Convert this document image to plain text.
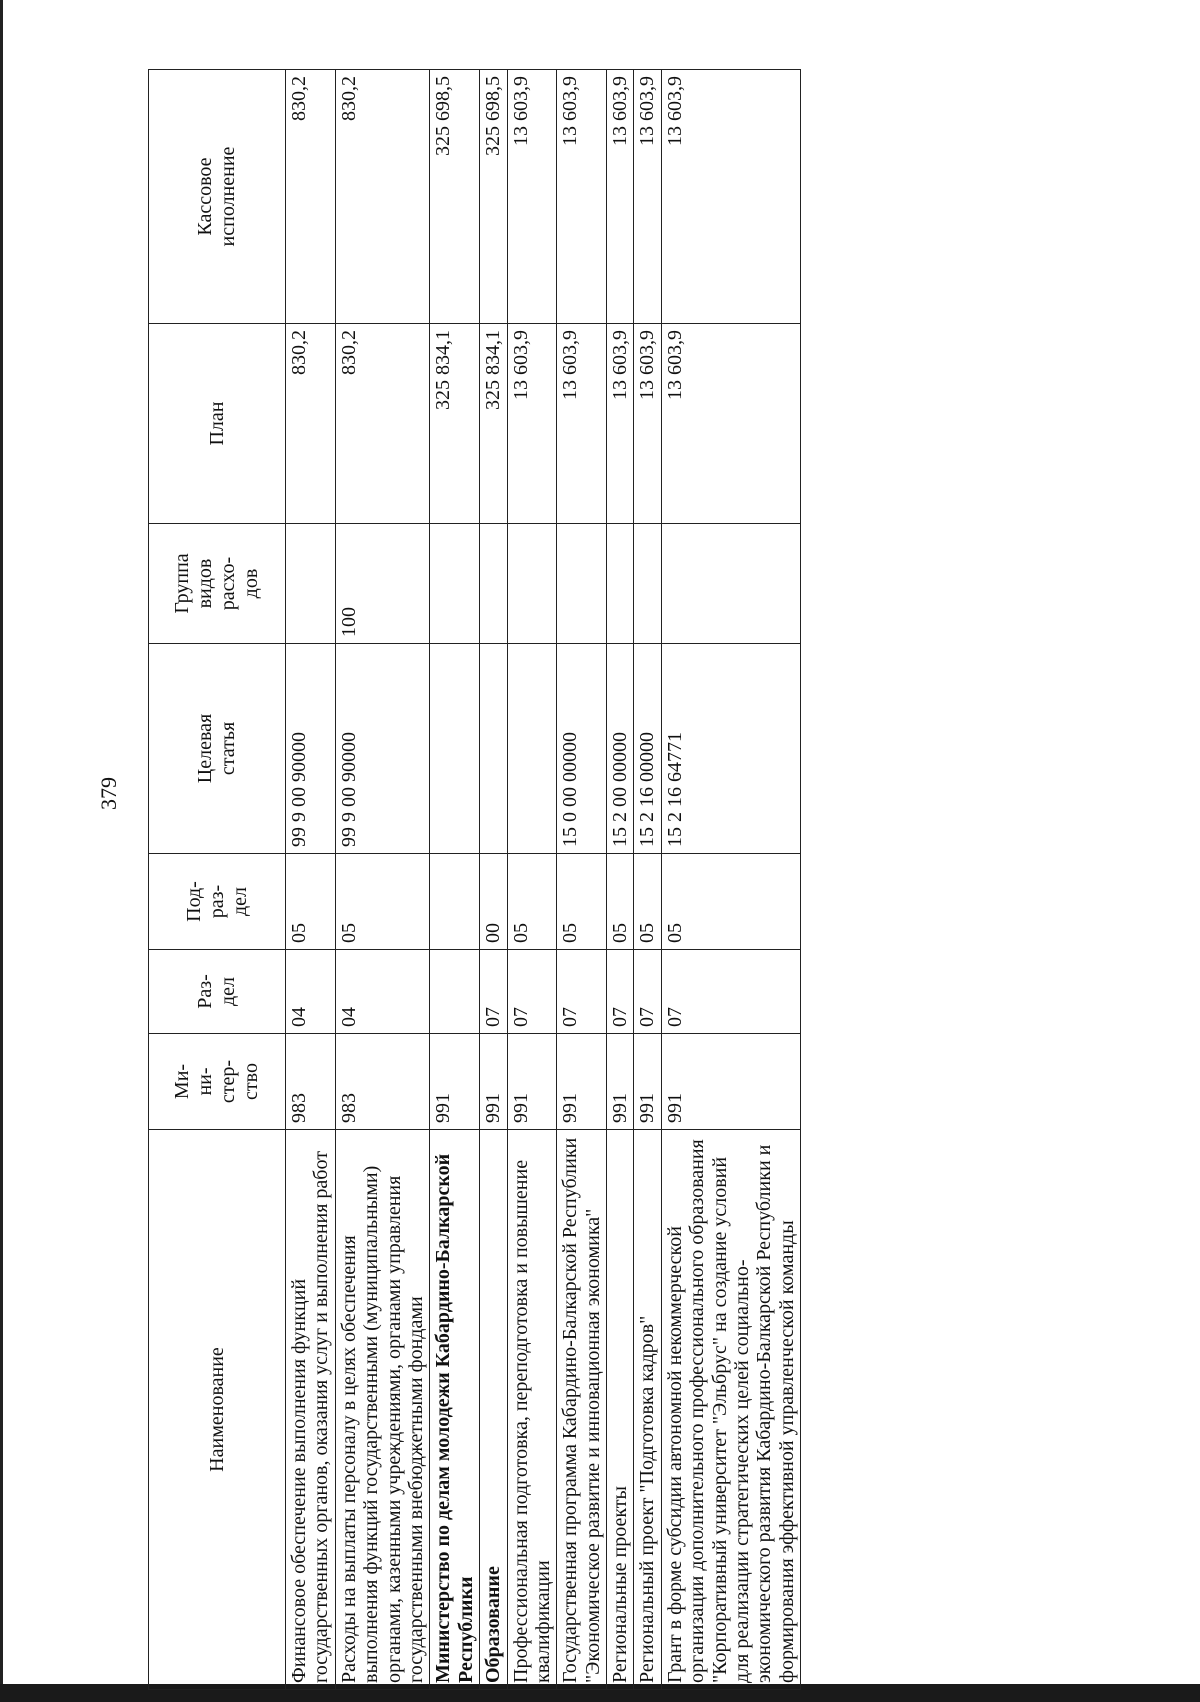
379
Наименование	Ми-
ни-
стер-
ство	Раз-
дел	Под-
раз-
дел	Целевая
статья	Группа
видов
расхо-
дов	План	Кассовое
исполнение
Финансовое обеспечение выполнения функций государственных органов, оказания услуг и выполнения работ	983	04	05	99 9 00 90000		830,2	830,2
Расходы на выплаты персоналу в целях обеспечения выполнения функций государственными (муниципальными) органами, казенными учреждениями, органами управления государственными внебюджетными фондами	983	04	05	99 9 00 90000	100	830,2	830,2
Министерство по делам молодежи Кабардино-Балкарской Республики	991					325 834,1	325 698,5
Образование	991	07	00			325 834,1	325 698,5
Профессиональная подготовка, переподготовка и повышение квалификации	991	07	05			13 603,9	13 603,9
Государственная программа Кабардино-Балкарской Республики "Экономическое развитие и инновационная экономика"	991	07	05	15 0 00 00000		13 603,9	13 603,9
Региональные проекты	991	07	05	15 2 00 00000		13 603,9	13 603,9
Региональный проект "Подготовка кадров"	991	07	05	15 2 16 00000		13 603,9	13 603,9
Грант в форме субсидии автономной некоммерческой организации дополнительного профессионального образования "Корпоративный университет "Эльбрус" на создание условий для реализации стратегических целей социально-экономического развития Кабардино-Балкарской Республики и формирования эффективной управленческой команды	991	07	05	15 2 16 64771		13 603,9	13 603,9
